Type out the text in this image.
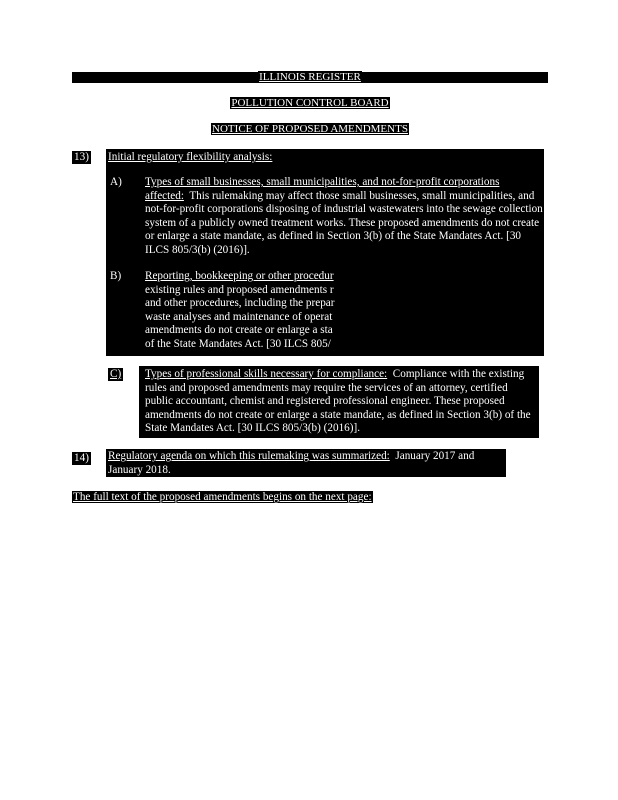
ILLINOIS REGISTER
POLLUTION CONTROL BOARD
NOTICE OF PROPOSED AMENDMENTS
13) Initial regulatory flexibility analysis:
A) Types of small businesses, small municipalities, and not-for-profit corporations affected: This rulemaking may affect those small businesses, small municipalities, and not-for-profit corporations disposing of industrial wastewaters into the sewage collection system of a publicly owned treatment works. These proposed amendments do not create or enlarge a state mandate, as defined in Section 3(b) of the State Mandates Act. [30 ILCS 805/3(b) (2016)].

B) Reporting, bookkeeping or other procedur

existing rules and proposed amendments r

and other procedures, including the prepar

waste analyses and maintenance of operat

amendments do not create or enlarge a sta

of the State Mandates Act. [30 ILCS 805/

C) Types of professional skills necessary for compliance: Compliance with the existing rules and proposed amendments may require the services of an attorney, certified public accountant, chemist and registered professional engineer. These proposed amendments do not create or enlarge a state mandate, as defined in Section 3(b) of the State Mandates Act. [30 ILCS 805/3(b) (2016)].

14) Regulatory agenda on which this rulemaking was summarized: January 2017 and January 2018.

The full text of the proposed amendments begins on the next page:
